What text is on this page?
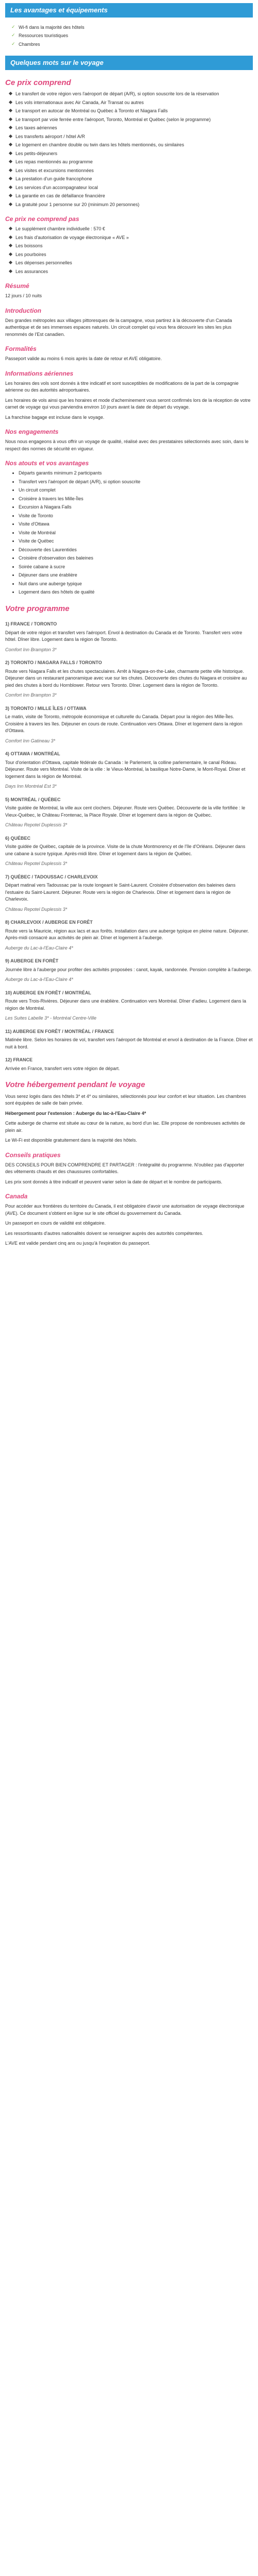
Les avantages et équipements
✓ Wi-fi dans la majorité des hôtels
✓ Ressources touristiques
✓ Chambres
Quelques mots sur le voyage
Ce prix comprend
Le transfert de votre région vers l'aéroport de départ (A/R), si option souscrite lors de la réservation
Les vols internationaux avec Air Canada, Air Transat ou autres
Le transport en autocar de Montréal ou Québec à Toronto et Niagara Falls
Le transport par voie ferrée entre l'aéroport, Toronto, Montréal et Québec (selon le programme)
Les taxes aériennes
Les transferts aéroport / hôtel A/R
Le logement en chambre double ou twin dans les hôtels mentionnés, ou similaires
Les petits-déjeuners
Les repas mentionnés au programme
Les visites et excursions mentionnées
La prestation d'un guide francophone
Les services d'un accompagnateur local
La garantie en cas de défaillance financière
La gratuité pour 1 personne sur 20 (minimum 20 personnes)
Ce prix ne comprend pas
Le supplément chambre individuelle : 570 €
Les frais d'autorisation de voyage électronique « AVE »
Les boissons
Les pourboires
Les dépenses personnelles
Les assurances
Résumé

12 jours / 10 nuits

Introduction

Des grandes métropoles aux villages pittoresques de la campagne, vous partirez à la découverte d'un Canada authentique et de ses immenses espaces naturels. Un circuit complet qui vous fera découvrir les sites les plus renommés de l'Est canadien.

Formalités

Passeport valide au moins 6 mois après la date de retour et AVE obligatoire.

Informations aériennes

Les horaires des vols sont donnés à titre indicatif et sont susceptibles de modifications de la part de la compagnie aérienne ou des autorités aéroportuaires.

Les horaires de vols ainsi que les horaires et mode d'acheminement vous seront confirmés lors de la réception de votre carnet de voyage qui vous parviendra environ 10 jours avant la date de départ du voyage.

La franchise bagage est incluse dans le voyage.

Nos engagements

Nous nous engageons à vous offrir un voyage de qualité, réalisé avec des prestataires sélectionnés avec soin, dans le respect des normes de sécurité en vigueur.

Nos atouts et vos avantages
• Départs garantis minimum 2 participants
• Transfert vers l'aéroport de départ (A/R), si option souscrite
• Un circuit complet
• Croisière à travers les Mille-Îles
• Excursion à Niagara Falls
• Visite de Toronto
• Visite d'Ottawa
• Visite de Montréal
• Visite de Québec
• Découverte des Laurentides
• Croisière d'observation des baleines
• Soirée cabane à sucre
• Déjeuner dans une érablière
• Nuit dans une auberge typique
• Logement dans des hôtels de qualité
Votre programme
1) FRANCE / TORONTO

Départ de votre région et transfert vers l'aéroport. Envol à destination du Canada et de Toronto. Transfert vers votre hôtel. Dîner libre. Logement dans la région de Toronto.

Comfort Inn Brampton 3*

2) TORONTO / NIAGARA FALLS / TORONTO

Route vers Niagara Falls et les chutes spectaculaires. Arrêt à Niagara-on-the-Lake, charmante petite ville historique. Déjeuner dans un restaurant panoramique avec vue sur les chutes. Découverte des chutes du Niagara et croisière au pied des chutes à bord du Hornblower. Retour vers Toronto. Dîner. Logement dans la région de Toronto.

Comfort Inn Brampton 3*

3) TORONTO / MILLE ÎLES / OTTAWA

Le matin, visite de Toronto, métropole économique et culturelle du Canada. Départ pour la région des Mille-Îles. Croisière à travers les îles. Déjeuner en cours de route. Continuation vers Ottawa. Dîner et logement dans la région d'Ottawa.

Comfort Inn Gatineau 3*

4) OTTAWA / MONTRÉAL

Tour d'orientation d'Ottawa, capitale fédérale du Canada : le Parlement, la colline parlementaire, le canal Rideau. Déjeuner. Route vers Montréal. Visite de la ville : le Vieux-Montréal, la basilique Notre-Dame, le Mont-Royal. Dîner et logement dans la région de Montréal.

Days Inn Montréal Est 3*

5) MONTRÉAL / QUÉBEC

Visite guidée de Montréal, la ville aux cent clochers. Déjeuner. Route vers Québec. Découverte de la ville fortifiée : le Vieux-Québec, le Château Frontenac, la Place Royale. Dîner et logement dans la région de Québec.

Château Repotel Duplessis 3*

6) QUÉBEC

Visite guidée de Québec, capitale de la province. Visite de la chute Montmorency et de l'île d'Orléans. Déjeuner dans une cabane à sucre typique. Après-midi libre. Dîner et logement dans la région de Québec.

Château Repotel Duplessis 3*

7) QUÉBEC / TADOUSSAC / CHARLEVOIX

Départ matinal vers Tadoussac par la route longeant le Saint-Laurent. Croisière d'observation des baleines dans l'estuaire du Saint-Laurent. Déjeuner. Route vers la région de Charlevoix. Dîner et logement dans la région de Charlevoix.

Château Repotel Duplessis 3*

8) CHARLEVOIX / AUBERGE EN FORÊT

Route vers la Mauricie, région aux lacs et aux forêts. Installation dans une auberge typique en pleine nature. Déjeuner. Après-midi consacré aux activités de plein air. Dîner et logement à l'auberge.

Auberge du Lac-à-l'Eau-Claire 4*

9) AUBERGE EN FORÊT

Journée libre à l'auberge pour profiter des activités proposées : canot, kayak, randonnée. Pension complète à l'auberge.

Auberge du Lac-à-l'Eau-Claire 4*

10) AUBERGE EN FORÊT / MONTRÉAL

Route vers Trois-Rivières. Déjeuner dans une érablière. Continuation vers Montréal. Dîner d'adieu. Logement dans la région de Montréal.

Les Suites Labelle 3* - Montréal Centre-Ville

11) AUBERGE EN FORÊT / MONTRÉAL / FRANCE

Matinée libre. Selon les horaires de vol, transfert vers l'aéroport de Montréal et envol à destination de la France. Dîner et nuit à bord.

12) FRANCE

Arrivée en France, transfert vers votre région de départ.

Votre hébergement pendant le voyage

Vous serez logés dans des hôtels 3* et 4* ou similaires, sélectionnés pour leur confort et leur situation. Les chambres sont équipées de salle de bain privée.

Hébergement pour l'extension : Auberge du lac-à-l'Eau-Claire 4*

Cette auberge de charme est située au cœur de la nature, au bord d'un lac. Elle propose de nombreuses activités de plein air.

Le Wi-Fi est disponible gratuitement dans la majorité des hôtels.

Conseils pratiques

DES CONSEILS POUR BIEN COMPRENDRE ET PARTAGER : l'intégralité du programme. N'oubliez pas d'apporter des vêtements chauds et des chaussures confortables.

Les prix sont donnés à titre indicatif et peuvent varier selon la date de départ et le nombre de participants.

Canada

Pour accéder aux frontières du territoire du Canada, il est obligatoire d'avoir une autorisation de voyage électronique (AVE). Ce document s'obtient en ligne sur le site officiel du gouvernement du Canada.

Un passeport en cours de validité est obligatoire.

Les ressortissants d'autres nationalités doivent se renseigner auprès des autorités compétentes.

L'AVE est valide pendant cinq ans ou jusqu'à l'expiration du passeport.
